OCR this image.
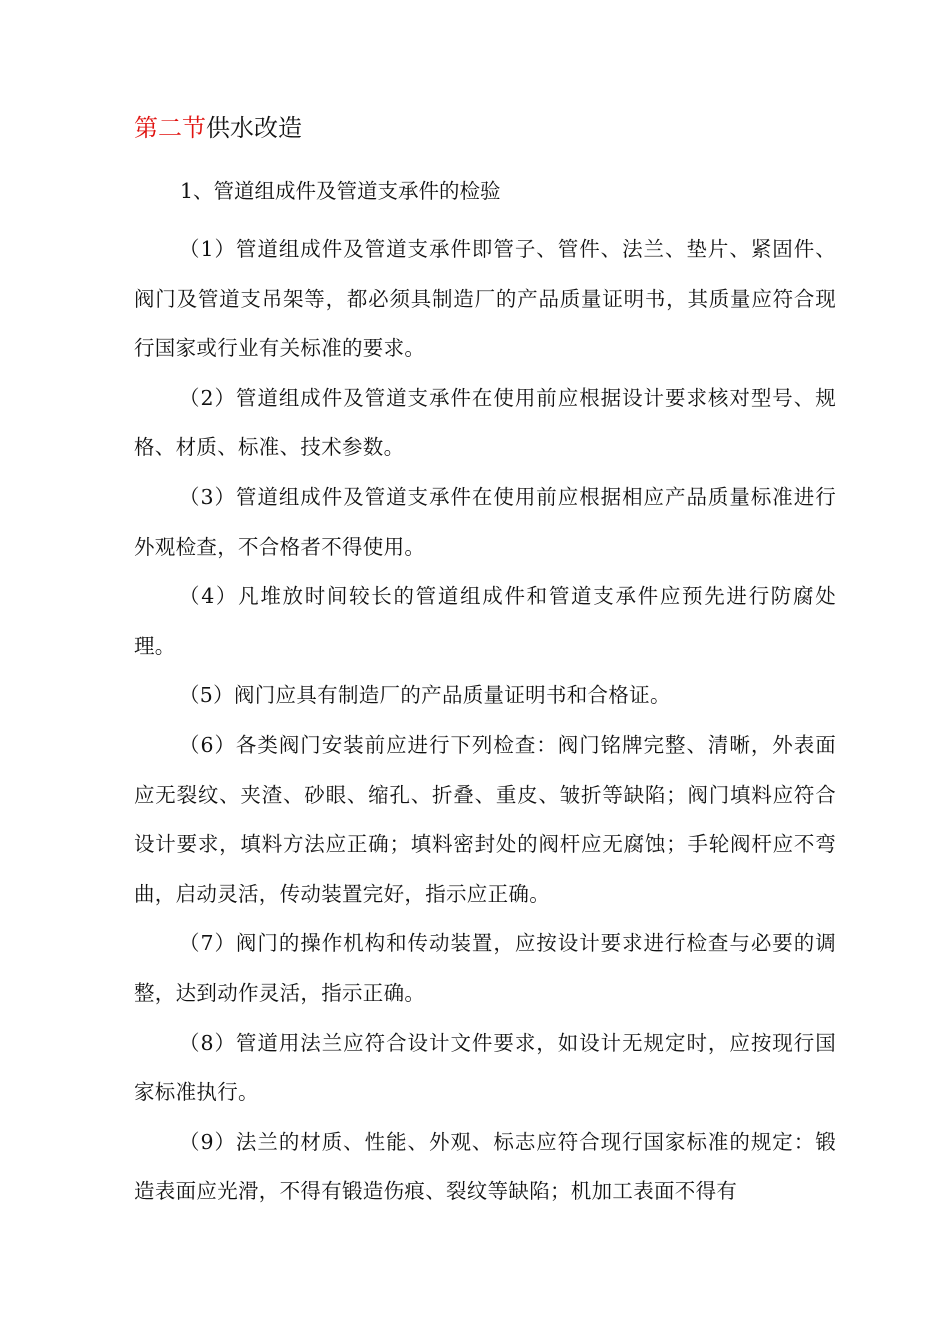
第二节供水改造

1、管道组成件及管道支承件的检验

（1）管道组成件及管道支承件即管子、管件、法兰、垫片、紧固件、阀门及管道支吊架等，都必须具制造厂的产品质量证明书，其质量应符合现行国家或行业有关标准的要求。

（2）管道组成件及管道支承件在使用前应根据设计要求核对型号、规格、材质、标准、技术参数。

（3）管道组成件及管道支承件在使用前应根据相应产品质量标准进行外观检查，不合格者不得使用。

（4）凡堆放时间较长的管道组成件和管道支承件应预先进行防腐处理。

（5）阀门应具有制造厂的产品质量证明书和合格证。

（6）各类阀门安装前应进行下列检查：阀门铭牌完整、清晰，外表面应无裂纹、夹渣、砂眼、缩孔、折叠、重皮、皱折等缺陷；阀门填料应符合设计要求，填料方法应正确；填料密封处的阀杆应无腐蚀；手轮阀杆应不弯曲，启动灵活，传动装置完好，指示应正确。

（7）阀门的操作机构和传动装置，应按设计要求进行检查与必要的调整，达到动作灵活，指示正确。

（8）管道用法兰应符合设计文件要求，如设计无规定时，应按现行国家标准执行。

（9）法兰的材质、性能、外观、标志应符合现行国家标准的规定：锻造表面应光滑，不得有锻造伤痕、裂纹等缺陷；机加工表面不得有
